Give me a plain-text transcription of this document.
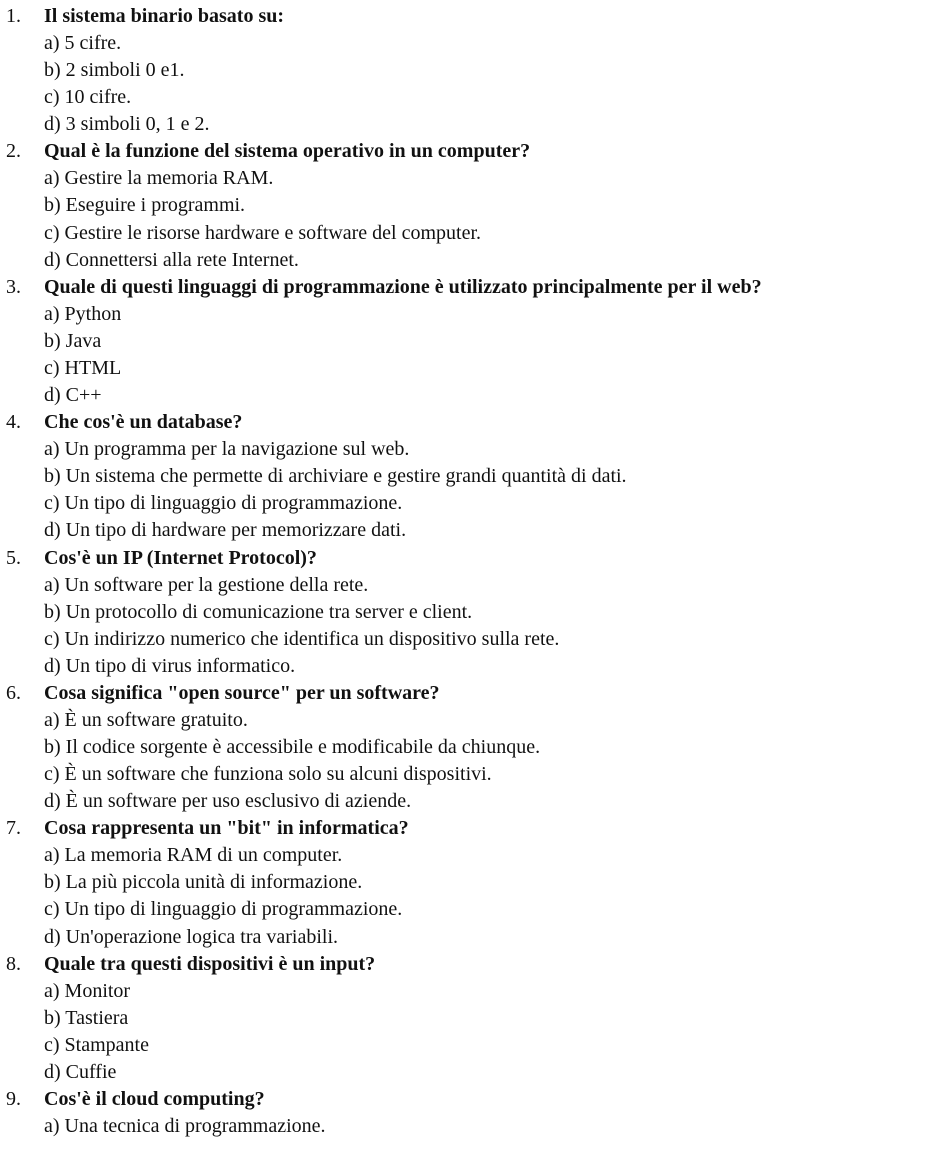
1. Il sistema binario basato su:
a) 5 cifre.
b) 2 simboli 0 e1.
c) 10 cifre.
d) 3 simboli 0, 1 e 2.
2. Qual è la funzione del sistema operativo in un computer?
a) Gestire la memoria RAM.
b) Eseguire i programmi.
c) Gestire le risorse hardware e software del computer.
d) Connettersi alla rete Internet.
3. Quale di questi linguaggi di programmazione è utilizzato principalmente per il web?
a) Python
b) Java
c) HTML
d) C++
4. Che cos'è un database?
a) Un programma per la navigazione sul web.
b) Un sistema che permette di archiviare e gestire grandi quantità di dati.
c) Un tipo di linguaggio di programmazione.
d) Un tipo di hardware per memorizzare dati.
5. Cos'è un IP (Internet Protocol)?
a) Un software per la gestione della rete.
b) Un protocollo di comunicazione tra server e client.
c) Un indirizzo numerico che identifica un dispositivo sulla rete.
d) Un tipo di virus informatico.
6. Cosa significa "open source" per un software?
a) È un software gratuito.
b) Il codice sorgente è accessibile e modificabile da chiunque.
c) È un software che funziona solo su alcuni dispositivi.
d) È un software per uso esclusivo di aziende.
7. Cosa rappresenta un "bit" in informatica?
a) La memoria RAM di un computer.
b) La più piccola unità di informazione.
c) Un tipo di linguaggio di programmazione.
d) Un'operazione logica tra variabili.
8. Quale tra questi dispositivi è un input?
a) Monitor
b) Tastiera
c) Stampante
d) Cuffie
9. Cos'è il cloud computing?
a) Una tecnica di programmazione.
